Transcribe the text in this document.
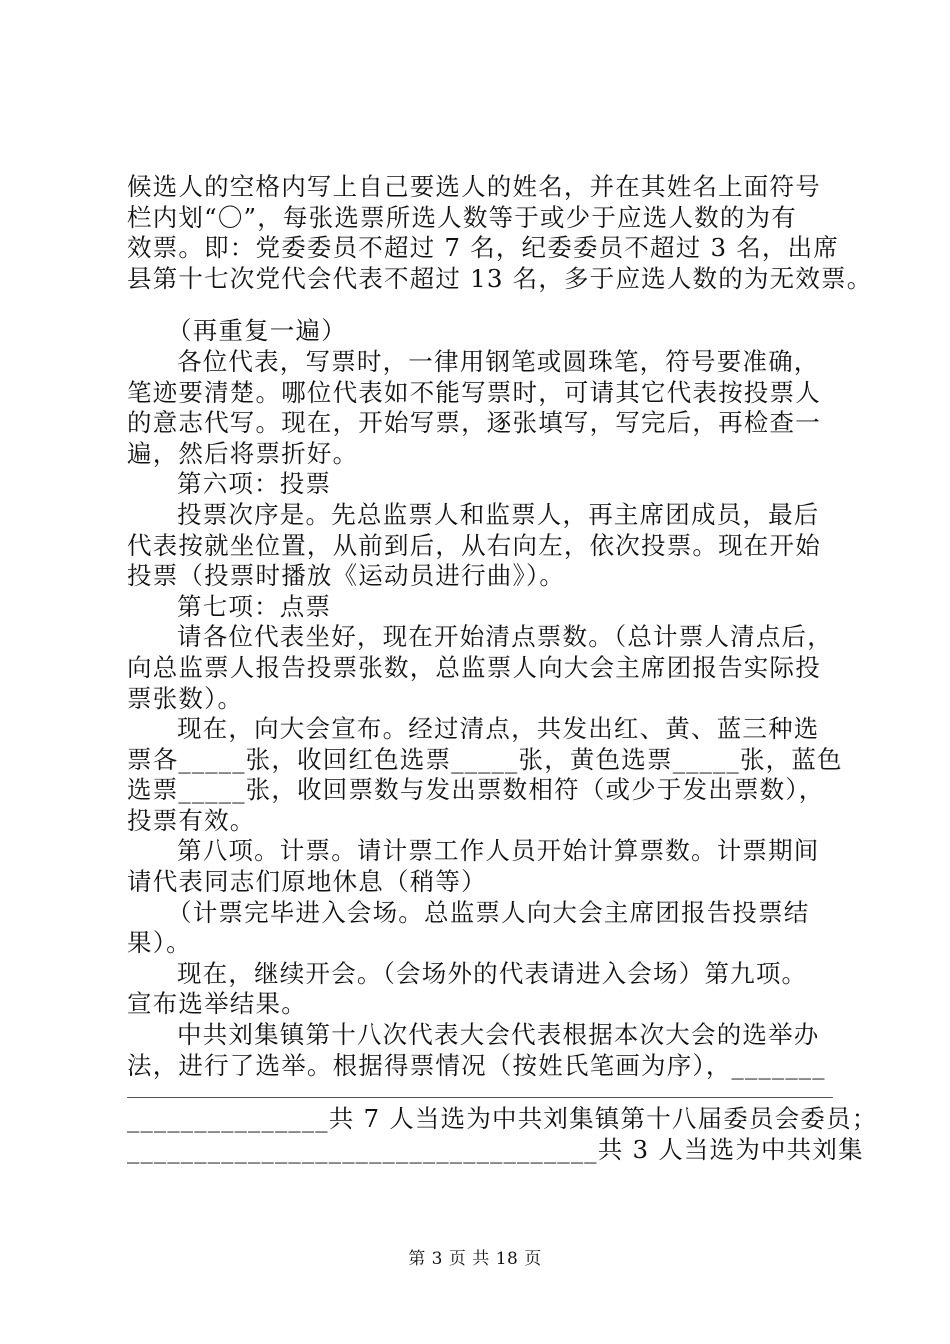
候选人的空格内写上自己要选人的姓名，并在其姓名上面符号
栏内划“〇”，每张选票所选人数等于或少于应选人数的为有
效票。即：党委委员不超过 7 名，纪委委员不超过 3 名，出席
县第十七次党代会代表不超过 13 名，多于应选人数的为无效票。
（再重复一遍）
各位代表，写票时，一律用钢笔或圆珠笔，符号要准确，
笔迹要清楚。哪位代表如不能写票时，可请其它代表按投票人
的意志代写。现在，开始写票，逐张填写，写完后，再检查一
遍，然后将票折好。
第六项：投票
投票次序是。先总监票人和监票人，再主席团成员，最后
代表按就坐位置，从前到后，从右向左，依次投票。现在开始
投票（投票时播放《运动员进行曲》）。
第七项：点票
请各位代表坐好，现在开始清点票数。（总计票人清点后，
向总监票人报告投票张数，总监票人向大会主席团报告实际投
票张数）。
现在，向大会宣布。经过清点，共发出红、黄、蓝三种选
票各_____张，收回红色选票_____张，黄色选票_____张，蓝色
选票_____张，收回票数与发出票数相符（或少于发出票数），
投票有效。
第八项。计票。请计票工作人员开始计算票数。计票期间
请代表同志们原地休息（稍等）
（计票完毕进入会场。总监票人向大会主席团报告投票结
果）。
现在，继续开会。（会场外的代表请进入会场）第九项。
宣布选举结果。
中共刘集镇第十八次代表大会代表根据本次大会的选举办
法，进行了选举。根据得票情况（按姓氏笔画为序），_______
_______________共 7 人当选为中共刘集镇第十八届委员会委员；
___________________________________共 3 人当选为中共刘集
第 3 页 共 18 页
